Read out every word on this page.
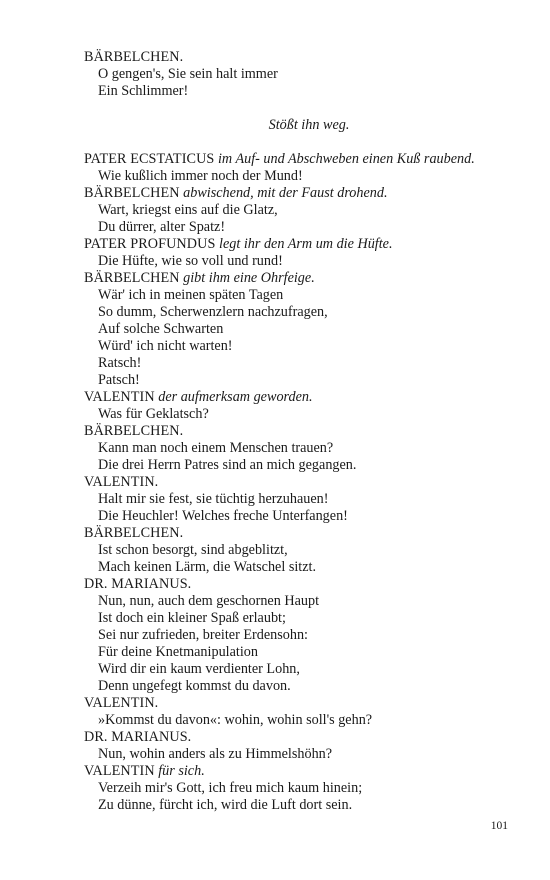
BÄRBELCHEN.
O gengen's, Sie sein halt immer
Ein Schlimmer!
Stößt ihn weg.
PATER ECSTATICUS im Auf- und Abschweben einen Kuß raubend.
Wie kußlich immer noch der Mund!
BÄRBELCHEN abwischend, mit der Faust drohend.
Wart, kriegst eins auf die Glatz,
Du dürrer, alter Spatz!
PATER PROFUNDUS legt ihr den Arm um die Hüfte.
Die Hüfte, wie so voll und rund!
BÄRBELCHEN gibt ihm eine Ohrfeige.
Wär' ich in meinen späten Tagen
So dumm, Scherwenzlern nachzufragen,
Auf solche Schwarten
Würd' ich nicht warten!
Ratsch!
Patsch!
VALENTIN der aufmerksam geworden.
Was für Geklatsch?
BÄRBELCHEN.
Kann man noch einem Menschen trauen?
Die drei Herrn Patres sind an mich gegangen.
VALENTIN.
Halt mir sie fest, sie tüchtig herzuhauen!
Die Heuchler! Welches freche Unterfangen!
BÄRBELCHEN.
Ist schon besorgt, sind abgeblitzt,
Mach keinen Lärm, die Watschel sitzt.
DR. MARIANUS.
Nun, nun, auch dem geschornen Haupt
Ist doch ein kleiner Spaß erlaubt;
Sei nur zufrieden, breiter Erdensohn:
Für deine Knetmanipulation
Wird dir ein kaum verdienter Lohn,
Denn ungefegt kommst du davon.
VALENTIN.
»Kommst du davon«: wohin, wohin soll's gehn?
DR. MARIANUS.
Nun, wohin anders als zu Himmelshöhn?
VALENTIN für sich.
Verzeih mir's Gott, ich freu mich kaum hinein;
Zu dünne, fürcht ich, wird die Luft dort sein.
101
